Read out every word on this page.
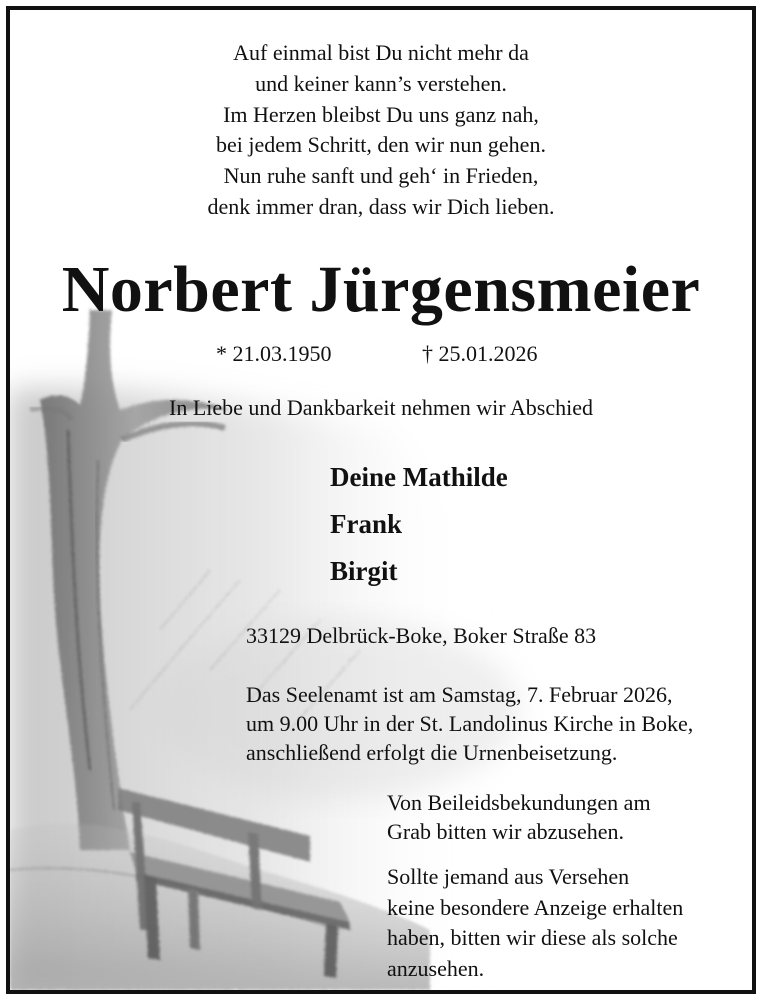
Auf einmal bist Du nicht mehr da
und keiner kann’s verstehen.
Im Herzen bleibst Du uns ganz nah,
bei jedem Schritt, den wir nun gehen.
Nun ruhe sanft und geh‘ in Frieden,
denk immer dran, dass wir Dich lieben.
Norbert Jürgensmeier
* 21.03.1950	† 25.01.2026
In Liebe und Dankbarkeit nehmen wir Abschied
Deine Mathilde
Frank
Birgit
33129 Delbrück-Boke, Boker Straße 83
Das Seelenamt ist am Samstag, 7. Februar 2026,
um 9.00 Uhr in der St. Landolinus Kirche in Boke,
anschließend erfolgt die Urnenbeisetzung.
Von Beileidsbekundungen am
Grab bitten wir abzusehen.
Sollte jemand aus Versehen
keine besondere Anzeige erhalten
haben, bitten wir diese als solche
anzusehen.
